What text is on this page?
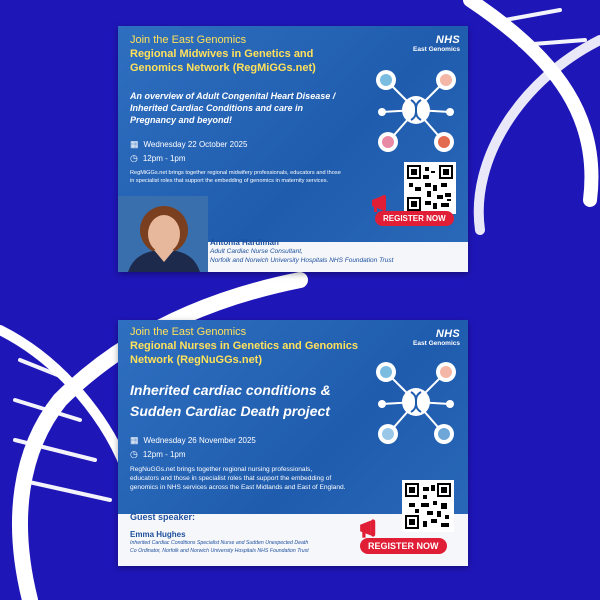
Join the East Genomics
Regional Midwives in Genetics and
Genomics Network (RegMiGGs.net)
NHS
East Genomics
An overview of Adult Congenital Heart Disease /
Inherited Cardiac Conditions and care in
Pregnancy and beyond!
▦ Wednesday 22 October 2025
◷ 12pm - 1pm
RegMiGGs.net brings together regional midwifery professionals, educators and those
in specialist roles that support the embedding of genomics in maternity services.
REGISTER NOW
Antonia Hardiman
Adult Cardiac Nurse Consultant,
Norfolk and Norwich University Hospitals NHS Foundation Trust
Join the East Genomics
Regional Nurses in Genetics and Genomics
Network (RegNuGGs.net)
NHS
East Genomics
Inherited cardiac conditions &
Sudden Cardiac Death project
▦ Wednesday 26 November 2025
◷ 12pm - 1pm
RegNuGGs.net brings together regional nursing professionals,
educators and those in specialist roles that support the embedding of
genomics in NHS services across the East Midlands and East of England.
REGISTER NOW
Guest speaker:
Emma Hughes
Inherited Cardiac Conditions Specialist Nurse and Sudden Unexpected Death
Co Ordinator, Norfolk and Norwich University Hospitals NHS Foundation Trust
